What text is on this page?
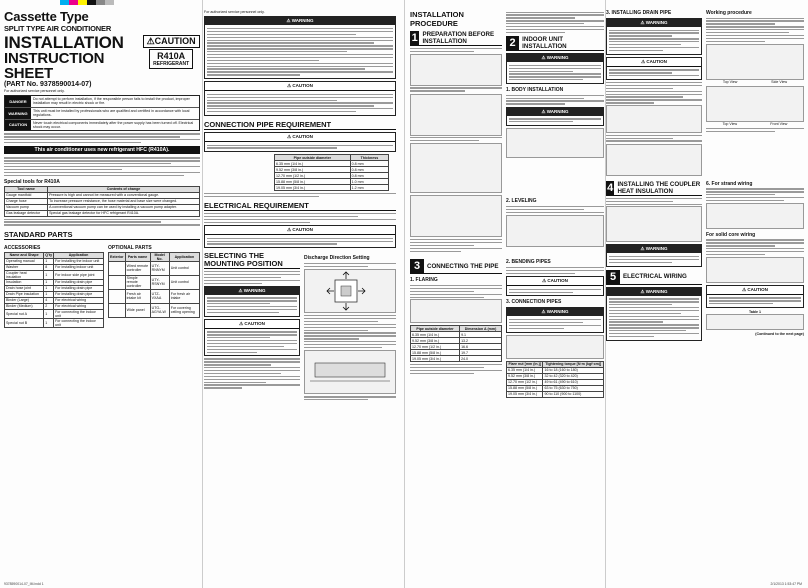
Cassette Type
SPLIT TYPE AIR CONDITIONER
INSTALLATION
INSTRUCTION SHEET
(PART No. 9378590014-07)
⚠CAUTION
R410A
REFRIGERANT
For authorized service personnel only.
DANGER	Do not attempt to perform installation, if the responsible person fails to install the product, improper installation may result in electric shock or fire.
WARNING	This unit must be installed by professionals who are qualified and certified in accordance with local regulations.
CAUTION	Never touch electrical components immediately after the power supply has been turned off. Electrical shock may occur.
This air conditioner uses new refrigerant HFC (R410A).
Special tools for R410A
Tool name	Contents of change
Gauge manifold	Pressure is high and cannot be measured with a conventional gauge.
Charge hose	To increase pressure resistance, the hose material and base size were changed.
Vacuum pump	A conventional vacuum pump can be used by installing a vacuum pump adapter.
Gas leakage detector	Special gas leakage detector for HFC refrigerant R410A.
STANDARD PARTS
ACCESSORIES
Name and Shape	Q'ty	Application
Operating manual	1	For installing the indoor unit
Washer	8	For installing indoor unit
Coupler heat insulation	1	For indoor side pipe joint
Insulation	1	For installing drain pipe
Drain hose joint	1	For installing drain pipe
Drain Pipe insulation	1	For installing drain pipe
Binder (Large)	4	For electrical wiring
Binder (Medium)	2	For electrical wiring
Special nut A	1	For connecting the indoor unit
Special nut B	1	For connecting the indoor unit
OPTIONAL PARTS
Exterior	Parts name	Model No.	Application
	Wired remote controller	UTY-RNNYM	Unit control
	Simple remote controller	UTY-RSNYM	Unit control
	Fresh air intake kit	UTZ-VXAA	For fresh air intake
	Wide panel	UTG-AGYA-W	For covering ceiling opening
For authorized service personnel only.
⚠ WARNING
⚠ CAUTION
CONNECTION PIPE REQUIREMENT
⚠ CAUTION
Pipe outside diameter	Thickness
6.35 mm (1/4 in.)	0.8 mm
9.52 mm (3/8 in.)	0.8 mm
12.70 mm (1/2 in.)	0.8 mm
15.88 mm (5/8 in.)	1.0 mm
19.05 mm (3/4 in.)	1.2 mm
ELECTRICAL REQUIREMENT
⚠ CAUTION
SELECTING THE MOUNTING POSITION
⚠ WARNING
⚠ CAUTION
Discharge Direction Setting
INSTALLATION PROCEDURE
1 PREPARATION BEFORE INSTALLATION	2	INDOOR UNIT INSTALLATION
⚠ WARNING
1. BODY INSTALLATION
⚠ WARNING
2. LEVELING
3	CONNECTING THE PIPE
1. FLARING
Pipe outside diameter	Dimension A (mm)
6.35 mm (1/4 in.)	9.1
9.52 mm (3/8 in.)	13.2
12.70 mm (1/2 in.)	16.6
15.88 mm (5/8 in.)	19.7
19.05 mm (3/4 in.)	24.0
2. BENDING PIPES
⚠ CAUTION
3. CONNECTION PIPES
⚠ WARNING
Flare nut [mm (in.)]	Tightening torque [N·m (kgf·cm)]
6.35 mm (1/4 in.)	16 to 18 (160 to 180)
9.52 mm (3/8 in.)	32 to 42 (320 to 420)
12.70 mm (1/2 in.)	49 to 61 (490 to 610)
15.88 mm (5/8 in.)	63 to 75 (630 to 750)
19.05 mm (3/4 in.)	90 to 110 (900 to 1100)
3. INSTALLING DRAIN PIPE
⚠ WARNING
⚠ CAUTION
Working procedure
Top View	Side View
Top View	Front View
4 INSTALLING THE COUPLER HEAT INSULATION
⚠ WARNING
5	ELECTRICAL WIRING
⚠ WARNING
6. For strand wiring
For solid core wiring
⚠ CAUTION
Table 1
(Continued to the next page)
9378590014-07_IM.indd 1	2/1/2013 1:53:47 PM
